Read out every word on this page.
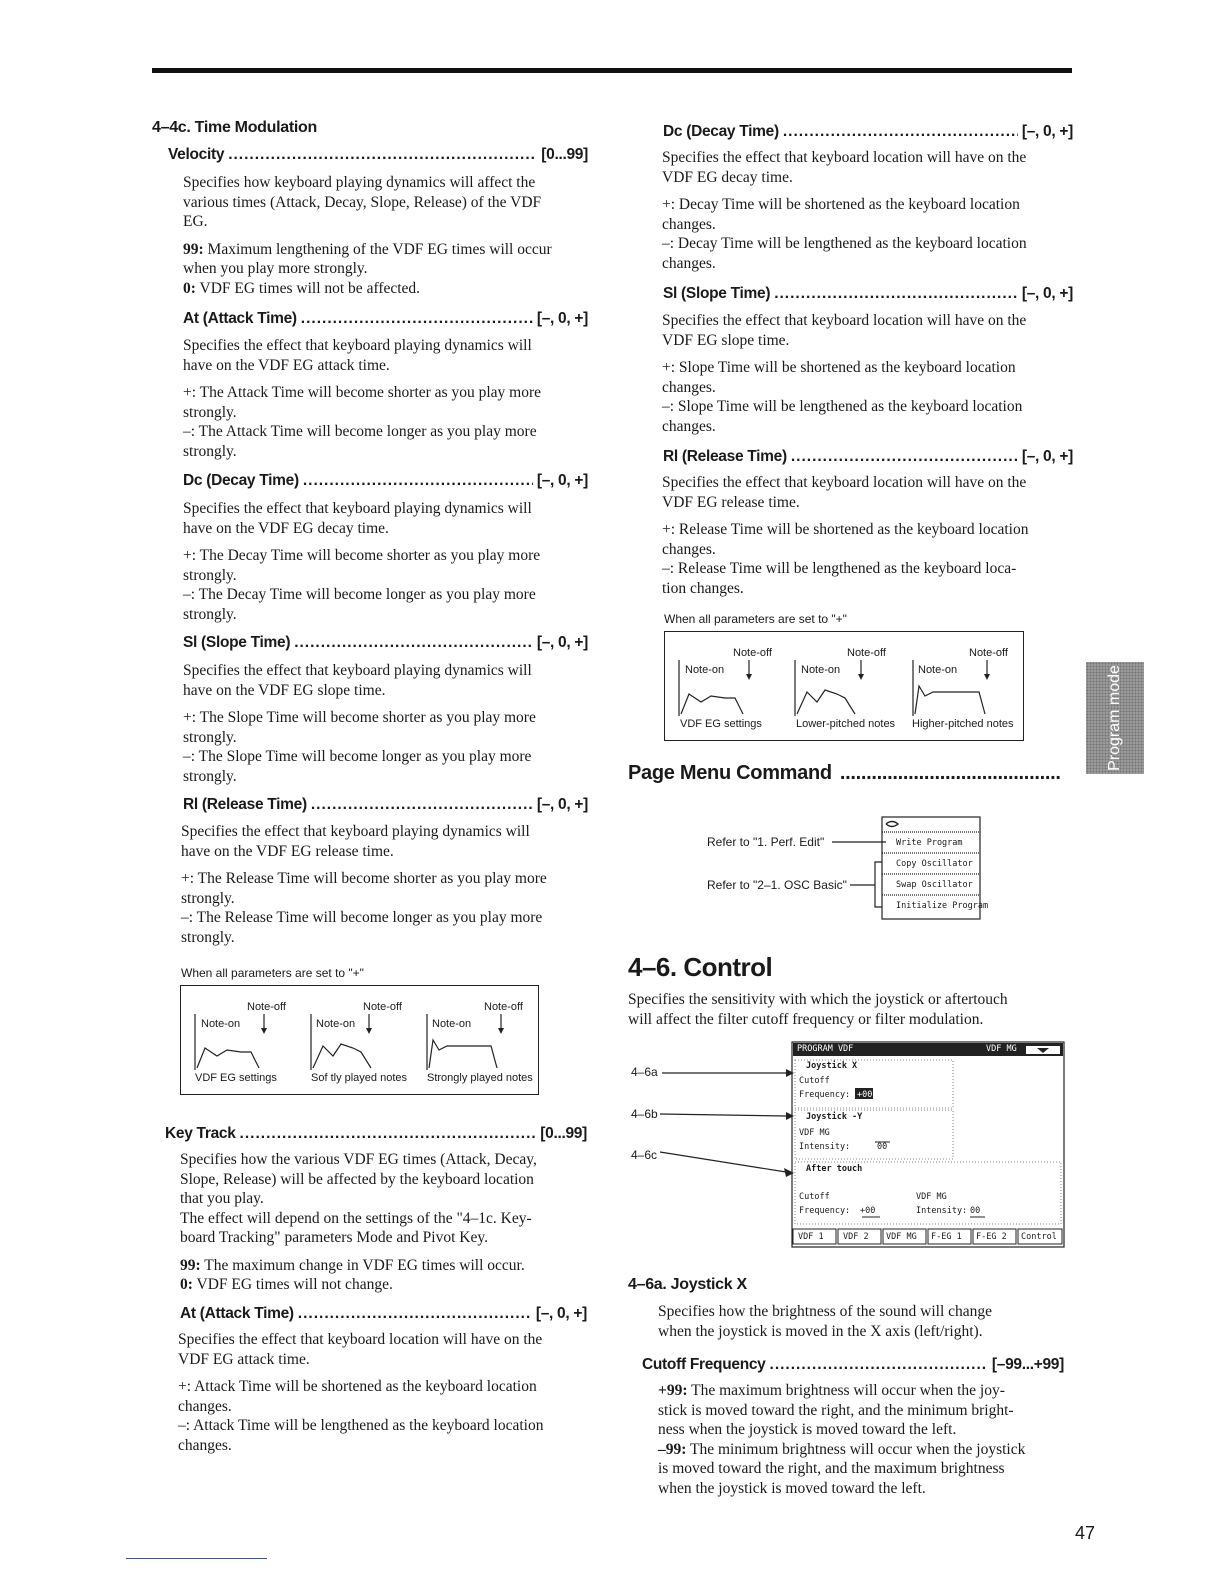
4–4c. Time Modulation
Velocity .....	[0...99]

Specifies how keyboard playing dynamics will affect the

various times (Attack, Decay, Slope, Release) of the VDF

EG.

99: Maximum lengthening of the VDF EG times will occur

when you play more strongly.

0: VDF EG times will not be affected.

At (Attack Time) .....	[–, 0, +]

Specifies the effect that keyboard playing dynamics will

have on the VDF EG attack time.

+: The Attack Time will become shorter as you play more

strongly.

–: The Attack Time will become longer as you play more

strongly.

Dc (Decay Time) .....	[–, 0, +]

Specifies the effect that keyboard playing dynamics will

have on the VDF EG decay time.

+: The Decay Time will become shorter as you play more

strongly.

–: The Decay Time will become longer as you play more

strongly.

Sl (Slope Time) .....	[–, 0, +]

Specifies the effect that keyboard playing dynamics will

have on the VDF EG slope time.

+: The Slope Time will become shorter as you play more

strongly.

–: The Slope Time will become longer as you play more

strongly.

Rl (Release Time) .....	[–, 0, +]

Specifies the effect that keyboard playing dynamics will

have on the VDF EG release time.

+: The Release Time will become shorter as you play more

strongly.

–: The Release Time will become longer as you play more

strongly.

When all parameters are set to "+"
Note-off
Note-on
Note-off
Note-on
Note-off
Note-on
VDF EG settings	Sof tly played notes Strongly played notes
Key Track .....	[0...99]

Specifies how the various VDF EG times (Attack, Decay,

Slope, Release) will be affected by the keyboard location

that you play.

The effect will depend on the settings of the "4–1c. Key-

board Tracking" parameters Mode and Pivot Key.

99: The maximum change in VDF EG times will occur.

0: VDF EG times will not change.

At (Attack Time) .....	[–, 0, +]

Specifies the effect that keyboard location will have on the

VDF EG attack time.

+: Attack Time will be shortened as the keyboard location

changes.

–: Attack Time will be lengthened as the keyboard location

changes.

Dc (Decay Time) .....	[–, 0, +]

Specifies the effect that keyboard location will have on the

VDF EG decay time.

+: Decay Time will be shortened as the keyboard location

changes.

–: Decay Time will be lengthened as the keyboard location

changes.

Sl (Slope Time) .....	[–, 0, +]

Specifies the effect that keyboard location will have on the

VDF EG slope time.

+: Slope Time will be shortened as the keyboard location

changes.

–: Slope Time will be lengthened as the keyboard location

changes.

Rl (Release Time) .....	[–, 0, +]

Specifies the effect that keyboard location will have on the

VDF EG release time.

+: Release Time will be shortened as the keyboard location

changes.

–: Release Time will be lengthened as the keyboard loca-

tion changes.

When all parameters are set to "+"
Note-off
Note-on
Note-off
Note-on
Note-off
Note-on
VDF EG settings	Lower-pitched notes Higher-pitched notes
Page Menu Command
.....
Refer to "1. Perf. Edit"
Refer to "2–1. OSC Basic"
Write Program
Copy Oscillator
Swap Oscillator
Initialize Program
4–6. Control

Specifies the sensitivity with which the joystick or aftertouch

will affect the filter cutoff frequency or filter modulation.

4–6a
4–6b
4–6c
PROGRAM VDF	VDF MG
Joystick X
Cutoff
Frequency: +00
Joystick -Y
VDF MG
Intensity:	00
After touch
Cutoff	VDF MG
Frequency: +00	Intensity: 00
VDF 1 VDF 2 VDF MG F-EG 1 F-EG 2 Control
4–6a. Joystick X

Specifies how the brightness of the sound will change

when the joystick is moved in the X axis (left/right).

Cutoff Frequency .....	[–99...+99]

+99: The maximum brightness will occur when the joy-

stick is moved toward the right, and the minimum bright-

ness when the joystick is moved toward the left.

–99: The minimum brightness will occur when the joystick

is moved toward the right, and the maximum brightness

when the joystick is moved toward the left.

Program mode
47
